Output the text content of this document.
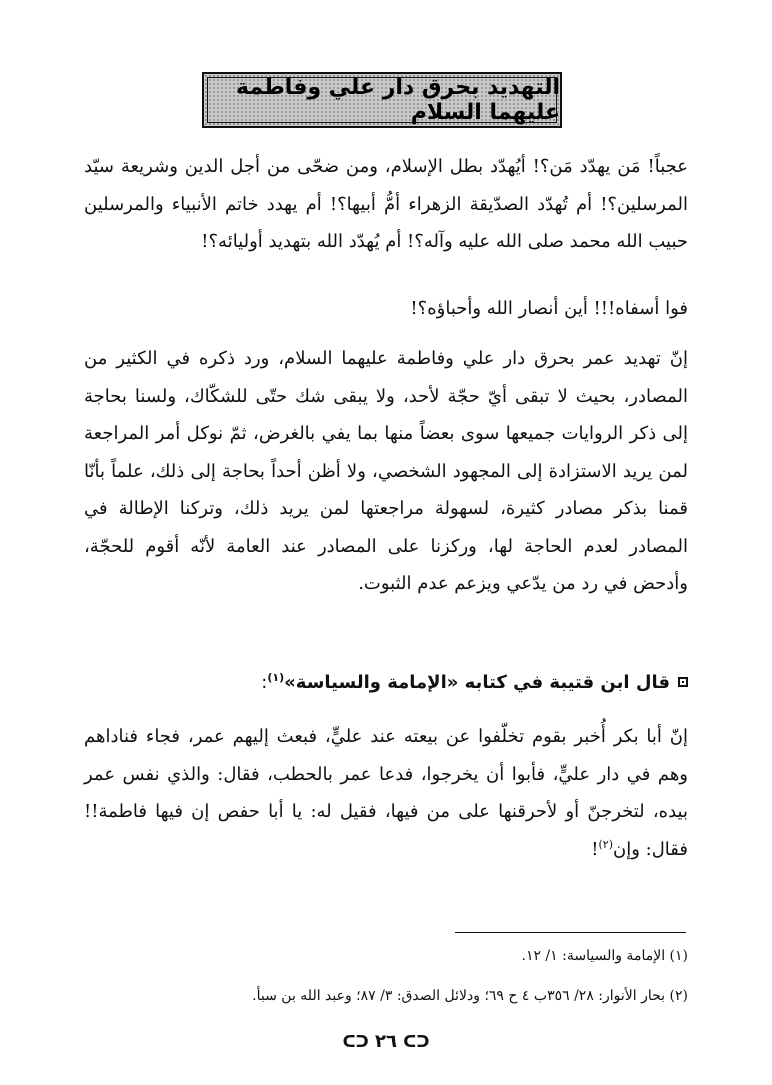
التهديد بحرق دار علي وفاطمة عليهما السلام

عجباً! مَن يهدّد مَن؟! أيُهدّد بطل الإسلام، ومن ضحّى من أجل الدين وشريعة سيّد المرسلين؟! أم تُهدّد الصدّيقة الزهراء أمُّ أبيها؟! أم يهدد خاتم الأنبياء والمرسلين حبيب الله محمد صلى الله عليه وآله؟! أم يُهدّد الله بتهديد أوليائه؟!

فوا أسفاه!!! أين أنصار الله وأحباؤه؟!

إنّ تهديد عمر بحرق دار علي وفاطمة عليهما السلام، ورد ذكره في الكثير من المصادر، بحيث لا تبقى أيّ حجّة لأحد، ولا يبقى شك حتّى للشكّاك، ولسنا بحاجة إلى ذكر الروايات جميعها سوى بعضاً منها بما يفي بالغرض، ثمّ نوكل أمر المراجعة لمن يريد الاستزادة إلى المجهود الشخصي، ولا أظن أحداً بحاجة إلى ذلك، علماً بأنّا قمنا بذكر مصادر كثيرة، لسهولة مراجعتها لمن يريد ذلك، وتركنا الإطالة في المصادر لعدم الحاجة لها، وركزنا على المصادر عند العامة لأنّه أقوم للحجّة، وأدحض في رد من يدّعي ويزعم عدم الثبوت.

قال ابن قتيبة في كتابه «الإمامة والسياسة»$^{(١)}$:

إنّ أبا بكر أُخبر بقوم تخلّفوا عن بيعته عند عليٍّ، فبعث إليهم عمر، فجاء فناداهم وهم في دار عليٍّ، فأبوا أن يخرجوا، فدعا عمر بالحطب، فقال: والذي نفس عمر بيده، لتخرجنّ أو لأحرقنها على من فيها، فقيل له: يا أبا حفص إن فيها فاطمة!! فقال: وإن$^{(٢)}$!

(١) الإمامة والسياسة: ١/ ١٢.

(٢) بحار الأنوار: ٢٨/ ٣٥٦ب ٤ ح ٦٩؛ ودلائل الصدق: ٣/ ٨٧؛ وعبد الله بن سبأ.

ᑕᑐ ٢٦ ᑕᑐ
